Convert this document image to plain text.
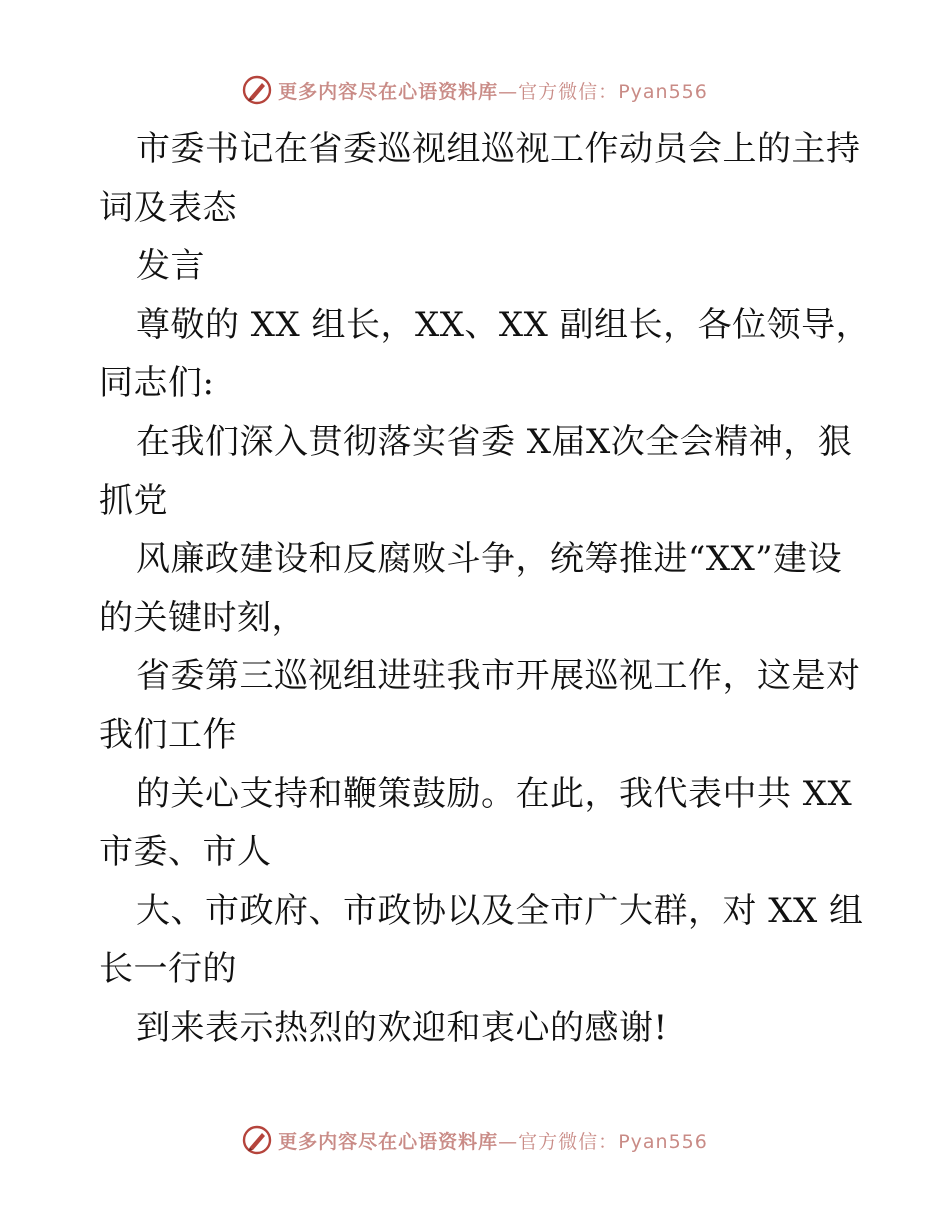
更多内容尽在心语资料库—官方微信：Pyan556
市委书记在省委巡视组巡视工作动员会上的主持
词及表态
发言
尊敬的 XX 组长，XX、XX 副组长，各位领导，
同志们:
在我们深入贯彻落实省委 X届X次全会精神，狠
抓党
风廉政建设和反腐败斗争，统筹推进“XX”建设
的关键时刻，
省委第三巡视组进驻我市开展巡视工作，这是对
我们工作
的关心支持和鞭策鼓励。在此，我代表中共 XX
市委、市人
大、市政府、市政协以及全市广大群，对 XX 组
长一行的
到来表示热烈的欢迎和衷心的感谢!
更多内容尽在心语资料库—官方微信：Pyan556
